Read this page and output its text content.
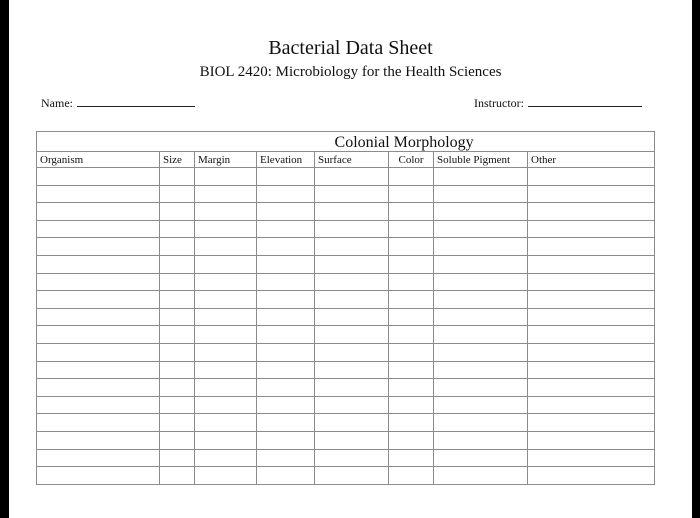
Bacterial Data Sheet
BIOL 2420: Microbiology for the Health Sciences
Name:	Instructor:
			Colonial Morphology				
Organism	Size	Margin	Elevation	Surface	Color	Soluble Pigment	Other
